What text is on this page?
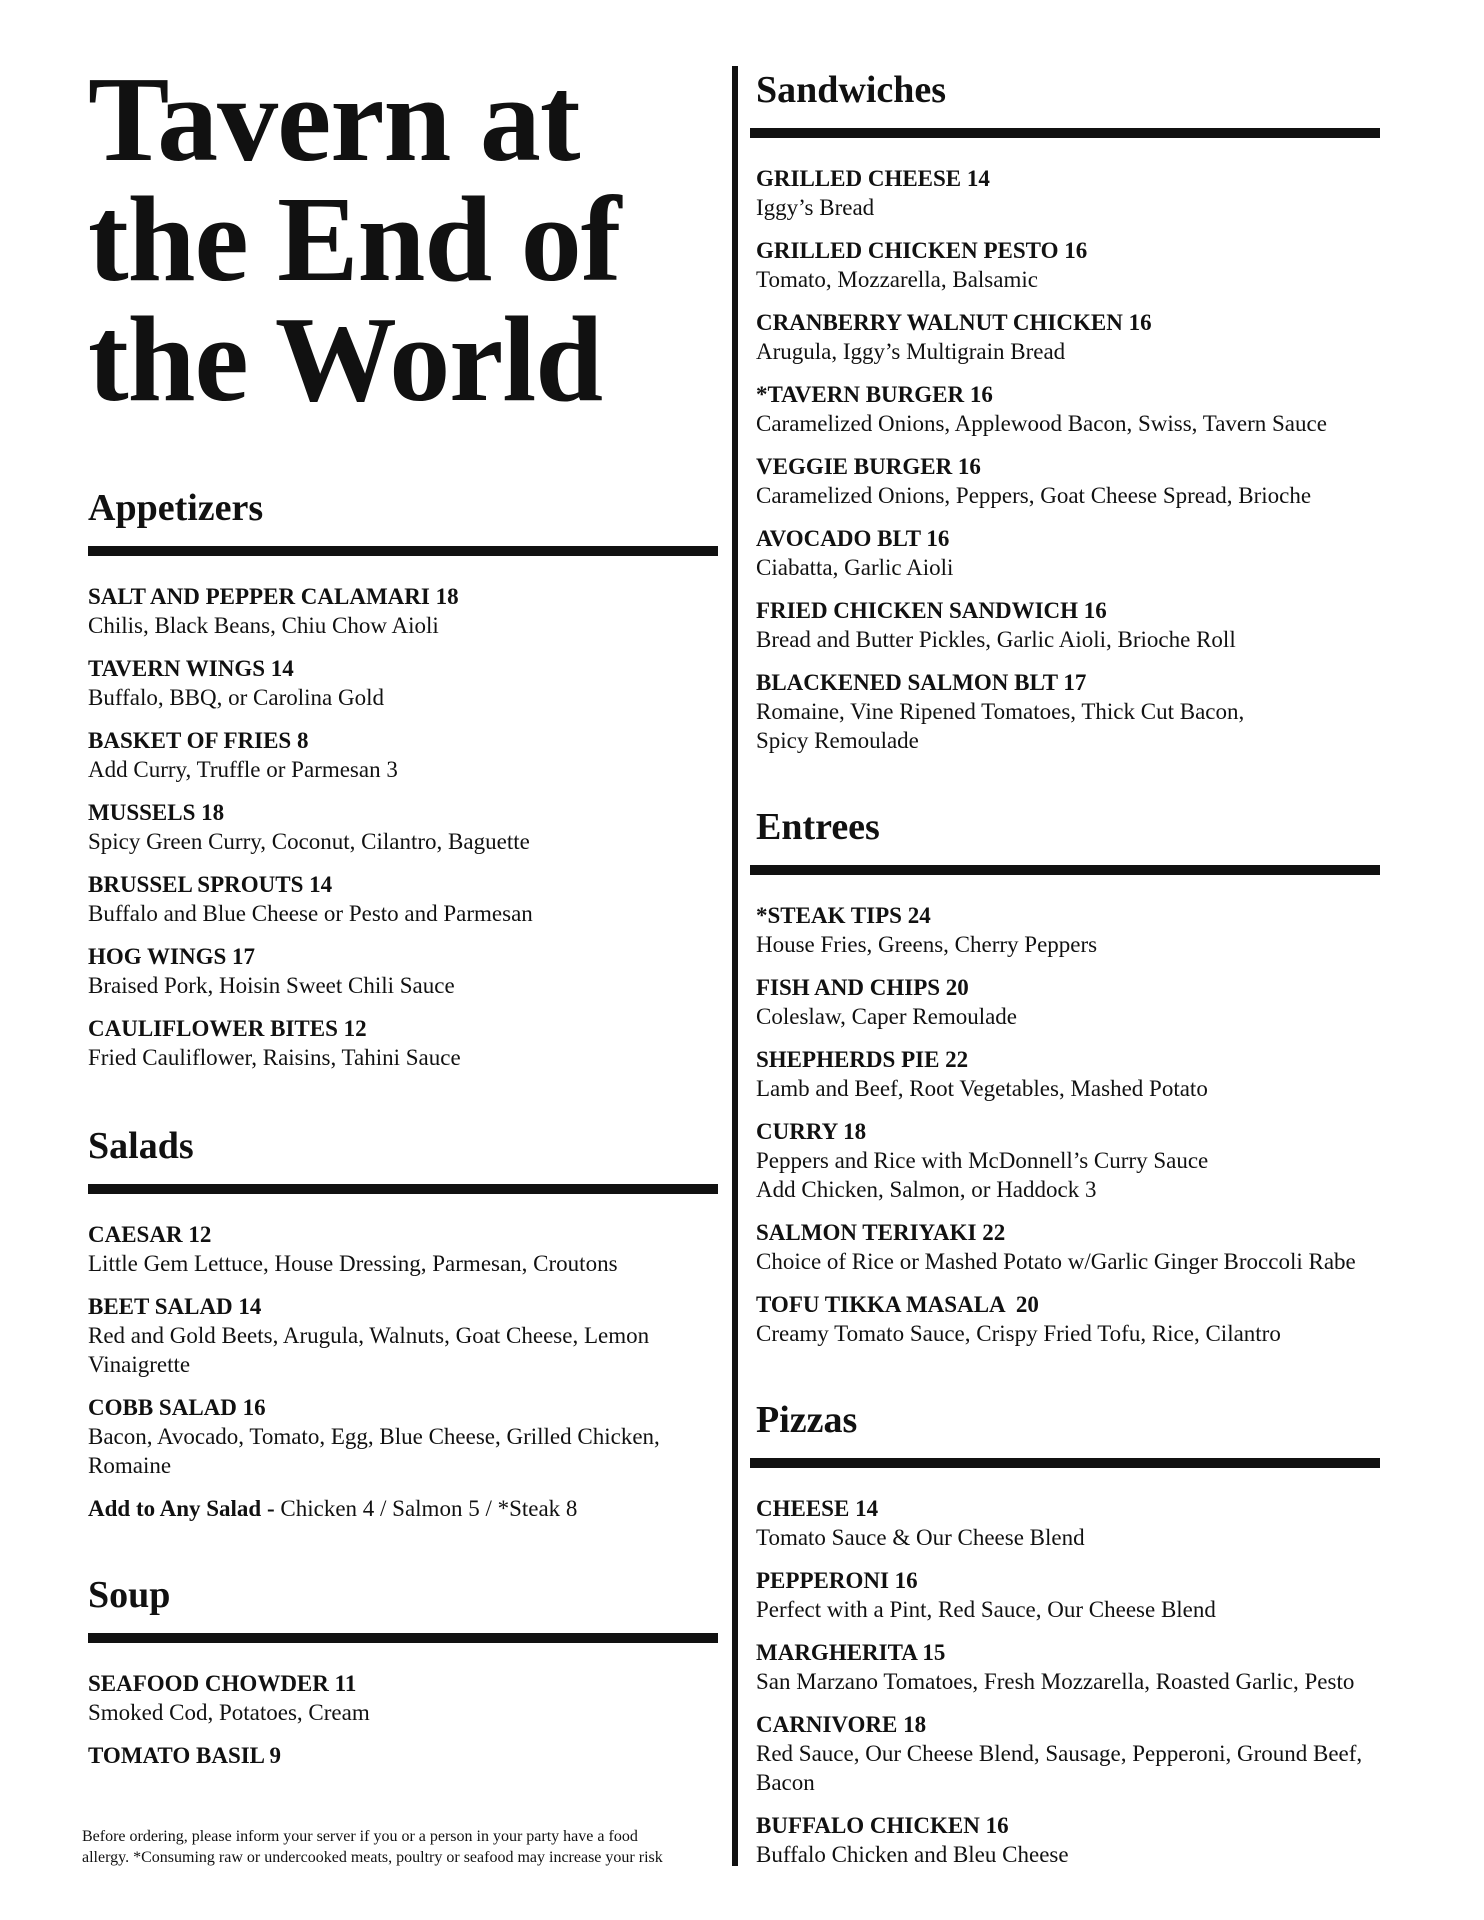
Tavern at
the End of
the World
Appetizers

SALT AND PEPPER CALAMARI 18

Chilis, Black Beans, Chiu Chow Aioli

TAVERN WINGS 14

Buffalo, BBQ, or Carolina Gold

BASKET OF FRIES 8

Add Curry, Truffle or Parmesan 3

MUSSELS 18

Spicy Green Curry, Coconut, Cilantro, Baguette

BRUSSEL SPROUTS 14

Buffalo and Blue Cheese or Pesto and Parmesan

HOG WINGS 17

Braised Pork, Hoisin Sweet Chili Sauce

CAULIFLOWER BITES 12

Fried Cauliflower, Raisins, Tahini Sauce

Salads

CAESAR 12

Little Gem Lettuce, House Dressing, Parmesan, Croutons

BEET SALAD 14

Red and Gold Beets, Arugula, Walnuts, Goat Cheese, Lemon Vinaigrette

COBB SALAD 16

Bacon, Avocado, Tomato, Egg, Blue Cheese, Grilled Chicken, Romaine

Add to Any Salad - Chicken 4 / Salmon 5 / *Steak 8

Soup

SEAFOOD CHOWDER 11

Smoked Cod, Potatoes, Cream

TOMATO BASIL 9

Sandwiches

GRILLED CHEESE 14

Iggy’s Bread

GRILLED CHICKEN PESTO 16

Tomato, Mozzarella, Balsamic

CRANBERRY WALNUT CHICKEN 16

Arugula, Iggy’s Multigrain Bread

*TAVERN BURGER 16

Caramelized Onions, Applewood Bacon, Swiss, Tavern Sauce

VEGGIE BURGER 16

Caramelized Onions, Peppers, Goat Cheese Spread, Brioche

AVOCADO BLT 16

Ciabatta, Garlic Aioli

FRIED CHICKEN SANDWICH 16

Bread and Butter Pickles, Garlic Aioli, Brioche Roll

BLACKENED SALMON BLT 17

Romaine, Vine Ripened Tomatoes, Thick Cut Bacon,
Spicy Remoulade

Entrees

*STEAK TIPS 24

House Fries, Greens, Cherry Peppers

FISH AND CHIPS 20

Coleslaw, Caper Remoulade

SHEPHERDS PIE 22

Lamb and Beef, Root Vegetables, Mashed Potato

CURRY 18

Peppers and Rice with McDonnell’s Curry Sauce
Add Chicken, Salmon, or Haddock 3

SALMON TERIYAKI 22

Choice of Rice or Mashed Potato w/Garlic Ginger Broccoli Rabe

TOFU TIKKA MASALA  20

Creamy Tomato Sauce, Crispy Fried Tofu, Rice, Cilantro

Pizzas

CHEESE 14

Tomato Sauce & Our Cheese Blend

PEPPERONI 16

Perfect with a Pint, Red Sauce, Our Cheese Blend

MARGHERITA 15

San Marzano Tomatoes, Fresh Mozzarella, Roasted Garlic, Pesto

CARNIVORE 18

Red Sauce, Our Cheese Blend, Sausage, Pepperoni, Ground Beef,
Bacon

BUFFALO CHICKEN 16

Buffalo Chicken and Bleu Cheese

Before ordering, please inform your server if you or a person in your party have a food allergy. *Consuming raw or undercooked meats, poultry or seafood may increase your risk
